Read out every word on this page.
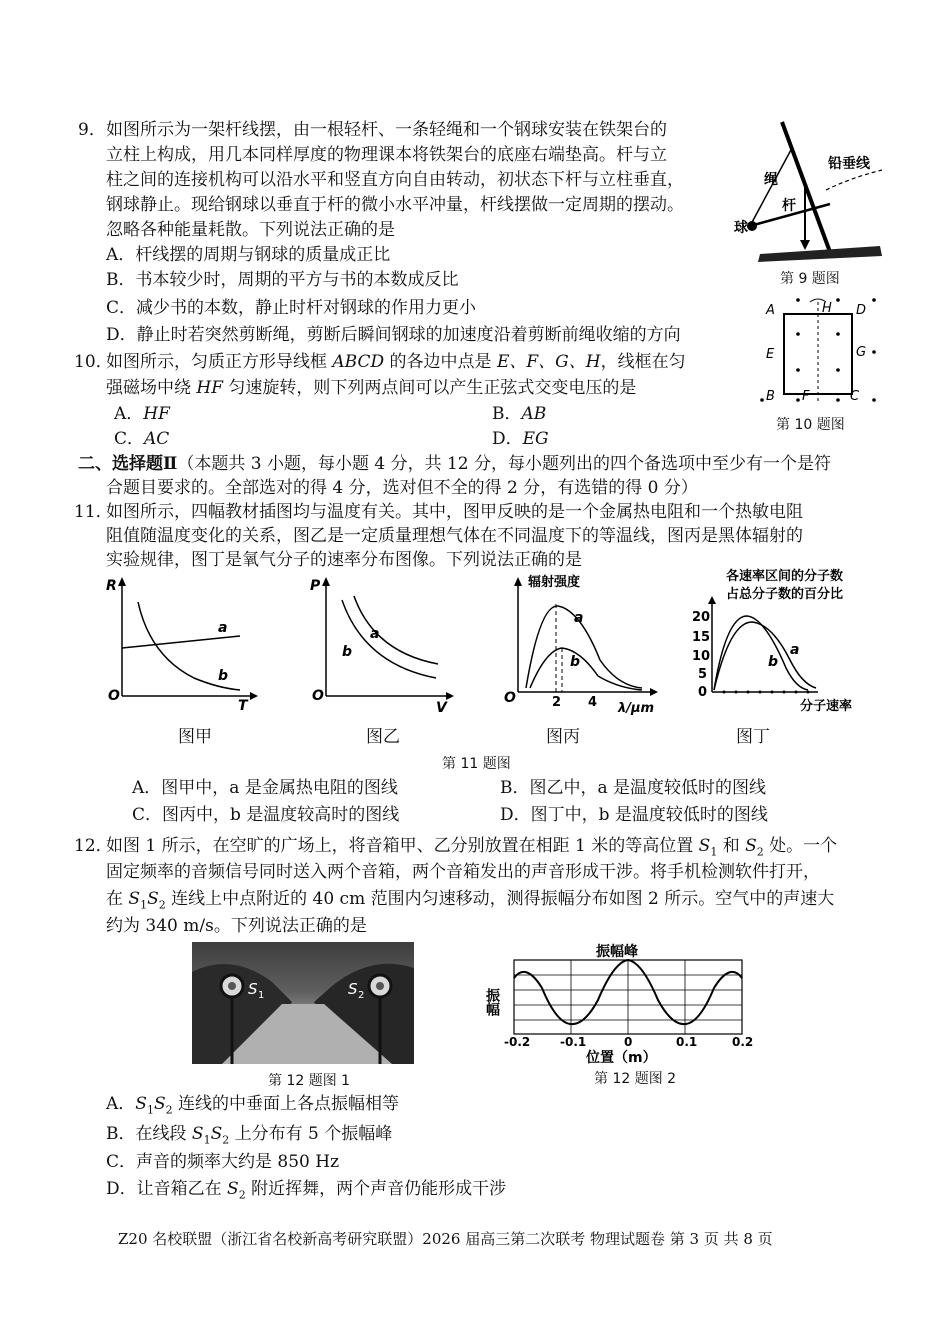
9． 如图所示为一架杆线摆，由一根轻杆、一条轻绳和一个钢球安装在铁架台的
立柱上构成，用几本同样厚度的物理课本将铁架台的底座右端垫高。杆与立
柱之间的连接机构可以沿水平和竖直方向自由转动，初状态下杆与立柱垂直，
钢球静止。现给钢球以垂直于杆的微小水平冲量，杆线摆做一定周期的摆动。
忽略各种能量耗散。下列说法正确的是
A．杆线摆的周期与钢球的质量成正比
B．书本较少时，周期的平方与书的本数成反比
C．减少书的本数，静止时杆对钢球的作用力更小
D．静止时若突然剪断绳，剪断后瞬间钢球的加速度沿着剪断前绳收缩的方向
铅垂线
绳
杆
球
第 9 题图
10．
如图所示，匀质正方形导线框 ABCD 的各边中点是 E、F、G、H，线框在匀
强磁场中绕 HF 匀速旋转，则下列两点间可以产生正弦式交变电压的是
A．HF	B．AB
C．AC	D．EG
A	D
H
E	G
B F	C
第 10 题图
二、选择题Ⅱ（本题共 3 小题，每小题 4 分，共 12 分，每小题列出的四个备选项中至少有一个是符
合题目要求的。全部选对的得 4 分，选对但不全的得 2 分，有选错的得 0 分）
11．
如图所示，四幅教材插图均与温度有关。其中，图甲反映的是一个金属热电阻和一个热敏电阻
阻值随温度变化的关系，图乙是一定质量理想气体在不同温度下的等温线，图丙是黑体辐射的
实验规律，图丁是氧气分子的速率分布图像。下列说法正确的是
R
T
O
a
b
图甲
P
V
O
a
b
图乙
辐射强度
λ/μm
O	2 4
a
b
图丙
各速率区间的分子数
占总分子数的百分比
0
5
10
15
20
分子速率
a
b
图丁
第 11 题图
A．图甲中，a 是金属热电阻的图线	B．图乙中，a 是温度较低时的图线
C．图丙中，b 是温度较高时的图线	D．图丁中，b 是温度较低时的图线
12．
如图 1 所示，在空旷的广场上，将音箱甲、乙分别放置在相距 1 米的等高位置 $S_1$ 和 $S_2$ 处。一个
固定频率的音频信号同时送入两个音箱，两个音箱发出的声音形成干涉。将手机检测软件打开，
在 $S_1S_2$ 连线上中点附近的 40 cm 范围内匀速移动，测得振幅分布如图 2 所示。空气中的声速大
约为 340 m/s。下列说法正确的是
S 1	S 2
第 12 题图 1
振幅峰
振幅
-0.2 -0.1	0	0.1	0.2
位置（m）
第 12 题图 2
A．$S_1S_2$ 连线的中垂面上各点振幅相等
B．在线段 $S_1S_2$ 上分布有 5 个振幅峰
C．声音的频率大约是 850 Hz
D．让音箱乙在 $S_2$ 附近挥舞，两个声音仍能形成干涉
Z20 名校联盟（浙江省名校新高考研究联盟）2026 届高三第二次联考 物理试题卷 第 3 页 共 8 页
